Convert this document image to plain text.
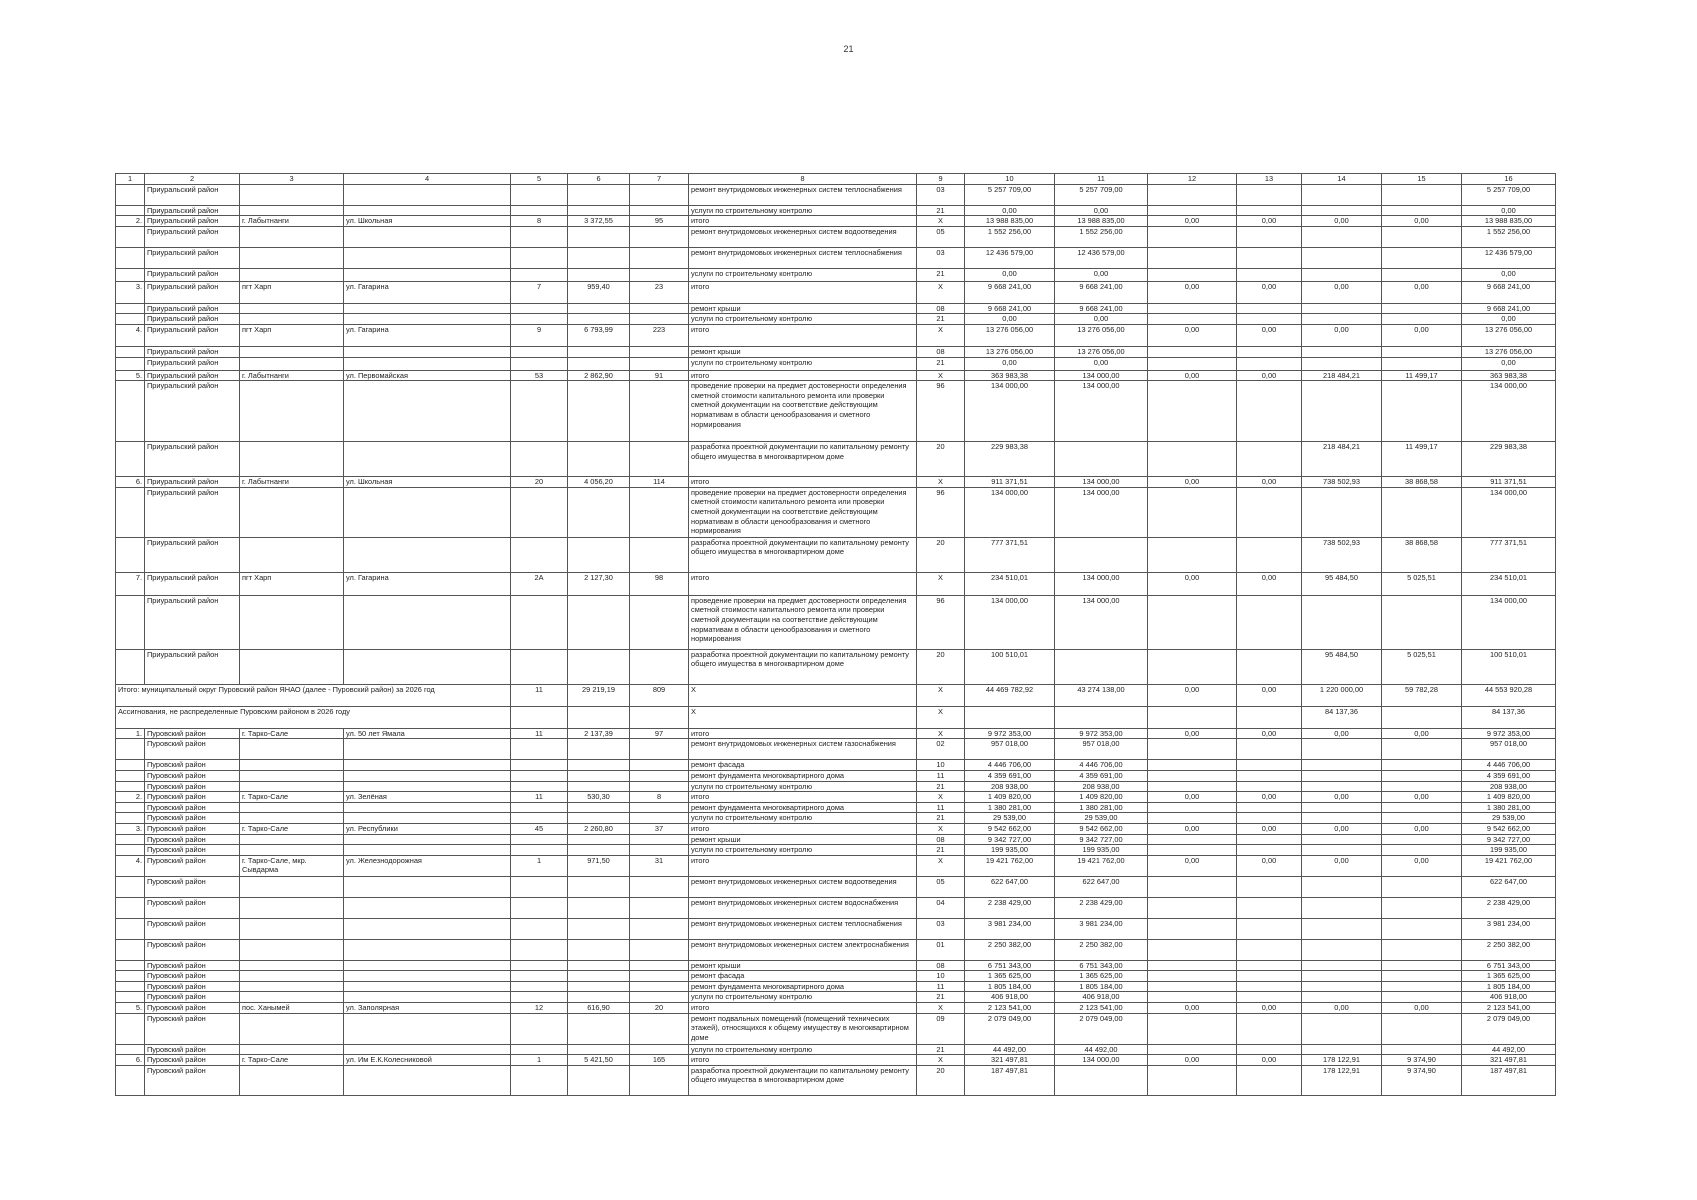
21
1	2	3	4	5	6	7	8	9	10	11	12	13	14	15	16
	Приуральский район						ремонт внутридомовых инженерных систем теплоснабжения	03	5 257 709,00	5 257 709,00					5 257 709,00
	Приуральский район						услуги по строительному контролю	21	0,00	0,00					0,00
2.	Приуральский район	г. Лабытнанги	ул. Школьная	8	3 372,55	95	итого	X	13 988 835,00	13 988 835,00	0,00	0,00	0,00	0,00	13 988 835,00
	Приуральский район						ремонт внутридомовых инженерных систем водоотведения	05	1 552 256,00	1 552 256,00					1 552 256,00
	Приуральский район						ремонт внутридомовых инженерных систем теплоснабжения	03	12 436 579,00	12 436 579,00					12 436 579,00
	Приуральский район						услуги по строительному контролю	21	0,00	0,00					0,00
3.	Приуральский район	пгт Харп	ул. Гагарина	7	959,40	23	итого	X	9 668 241,00	9 668 241,00	0,00	0,00	0,00	0,00	9 668 241,00
	Приуральский район						ремонт крыши	08	9 668 241,00	9 668 241,00					9 668 241,00
	Приуральский район						услуги по строительному контролю	21	0,00	0,00					0,00
4.	Приуральский район	пгт Харп	ул. Гагарина	9	6 793,99	223	итого	X	13 276 056,00	13 276 056,00	0,00	0,00	0,00	0,00	13 276 056,00
	Приуральский район						ремонт крыши	08	13 276 056,00	13 276 056,00					13 276 056,00
	Приуральский район						услуги по строительному контролю	21	0,00	0,00					0,00
5.	Приуральский район	г. Лабытнанги	ул. Первомайская	53	2 862,90	91	итого	X	363 983,38	134 000,00	0,00	0,00	218 484,21	11 499,17	363 983,38
	Приуральский район						проведение проверки на предмет достоверности определения сметной стоимости капитального ремонта или проверки сметной документации на соответствие действующим нормативам в области ценообразования и сметного нормирования	96	134 000,00	134 000,00					134 000,00
	Приуральский район						разработка проектной документации по капитальному ремонту общего имущества в многоквартирном доме	20	229 983,38				218 484,21	11 499,17	229 983,38
6.	Приуральский район	г. Лабытнанги	ул. Школьная	20	4 056,20	114	итого	X	911 371,51	134 000,00	0,00	0,00	738 502,93	38 868,58	911 371,51
	Приуральский район						проведение проверки на предмет достоверности определения сметной стоимости капитального ремонта или проверки сметной документации на соответствие действующим нормативам в области ценообразования и сметного нормирования	96	134 000,00	134 000,00					134 000,00
	Приуральский район						разработка проектной документации по капитальному ремонту общего имущества в многоквартирном доме	20	777 371,51				738 502,93	38 868,58	777 371,51
7.	Приуральский район	пгт Харп	ул. Гагарина	2А	2 127,30	98	итого	X	234 510,01	134 000,00	0,00	0,00	95 484,50	5 025,51	234 510,01
	Приуральский район						проведение проверки на предмет достоверности определения сметной стоимости капитального ремонта или проверки сметной документации на соответствие действующим нормативам в области ценообразования и сметного нормирования	96	134 000,00	134 000,00					134 000,00
	Приуральский район						разработка проектной документации по капитальному ремонту общего имущества в многоквартирном доме	20	100 510,01				95 484,50	5 025,51	100 510,01
Итого: муниципальный округ Пуровский район ЯНАО (далее - Пуровский район) за 2026 год				11	29 219,19	809	X	X	44 469 782,92	43 274 138,00	0,00	0,00	1 220 000,00	59 782,28	44 553 920,28
Ассигнования, не распределенные Пуровским районом в 2026 году							X	X					84 137,36		84 137,36
1.	Пуровский район	г. Тарко-Сале	ул. 50 лет Ямала	11	2 137,39	97	итого	X	9 972 353,00	9 972 353,00	0,00	0,00	0,00	0,00	9 972 353,00
	Пуровский район						ремонт внутридомовых инженерных систем газоснабжения	02	957 018,00	957 018,00					957 018,00
	Пуровский район						ремонт фасада	10	4 446 706,00	4 446 706,00					4 446 706,00
	Пуровский район						ремонт фундамента многоквартирного дома	11	4 359 691,00	4 359 691,00					4 359 691,00
	Пуровский район						услуги по строительному контролю	21	208 938,00	208 938,00					208 938,00
2.	Пуровский район	г. Тарко-Сале	ул. Зелёная	11	530,30	8	итого	X	1 409 820,00	1 409 820,00	0,00	0,00	0,00	0,00	1 409 820,00
	Пуровский район						ремонт фундамента многоквартирного дома	11	1 380 281,00	1 380 281,00					1 380 281,00
	Пуровский район						услуги по строительному контролю	21	29 539,00	29 539,00					29 539,00
3.	Пуровский район	г. Тарко-Сале	ул. Республики	45	2 260,80	37	итого	X	9 542 662,00	9 542 662,00	0,00	0,00	0,00	0,00	9 542 662,00
	Пуровский район						ремонт крыши	08	9 342 727,00	9 342 727,00					9 342 727,00
	Пуровский район						услуги по строительному контролю	21	199 935,00	199 935,00					199 935,00
4.	Пуровский район	г. Тарко-Сале, мкр. Сывдарма	ул. Железнодорожная	1	971,50	31	итого	X	19 421 762,00	19 421 762,00	0,00	0,00	0,00	0,00	19 421 762,00
	Пуровский район						ремонт внутридомовых инженерных систем водоотведения	05	622 647,00	622 647,00					622 647,00
	Пуровский район						ремонт внутридомовых инженерных систем водоснабжения	04	2 238 429,00	2 238 429,00					2 238 429,00
	Пуровский район						ремонт внутридомовых инженерных систем теплоснабжения	03	3 981 234,00	3 981 234,00					3 981 234,00
	Пуровский район						ремонт внутридомовых инженерных систем электроснабжения	01	2 250 382,00	2 250 382,00					2 250 382,00
	Пуровский район						ремонт крыши	08	6 751 343,00	6 751 343,00					6 751 343,00
	Пуровский район						ремонт фасада	10	1 365 625,00	1 365 625,00					1 365 625,00
	Пуровский район						ремонт фундамента многоквартирного дома	11	1 805 184,00	1 805 184,00					1 805 184,00
	Пуровский район						услуги по строительному контролю	21	406 918,00	406 918,00					406 918,00
5.	Пуровский район	пос. Ханымей	ул. Заполярная	12	616,90	20	итого	X	2 123 541,00	2 123 541,00	0,00	0,00	0,00	0,00	2 123 541,00
	Пуровский район						ремонт подвальных помещений (помещений технических этажей), относящихся к общему имуществу в многоквартирном доме	09	2 079 049,00	2 079 049,00					2 079 049,00
	Пуровский район						услуги по строительному контролю	21	44 492,00	44 492,00					44 492,00
6.	Пуровский район	г. Тарко-Сале	ул. Им Е.К.Колесниковой	1	5 421,50	165	итого	X	321 497,81	134 000,00	0,00	0,00	178 122,91	9 374,90	321 497,81
	Пуровский район						разработка проектной документации по капитальному ремонту общего имущества в многоквартирном доме	20	187 497,81				178 122,91	9 374,90	187 497,81
